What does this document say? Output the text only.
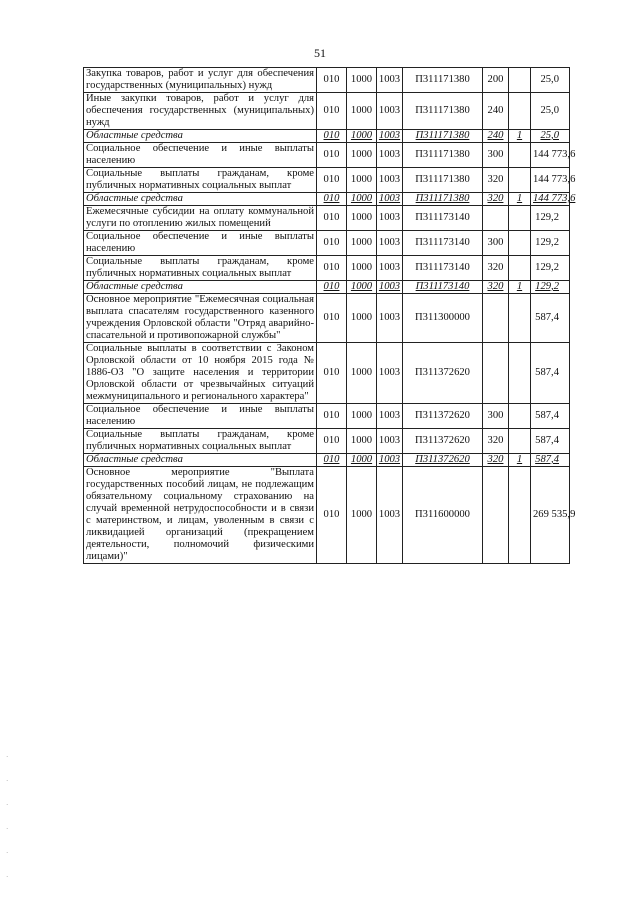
51
Закупка товаров, работ и услуг для обеспечения государственных (муниципальных) нужд	010	1000	1003	П311171380	200		25,0
Иные закупки товаров, работ и услуг для обеспечения государственных (муниципальных) нужд	010	1000	1003	П311171380	240		25,0
Областные средства	010	1000	1003	П311171380	240	1	25,0
Социальное обеспечение и иные выплаты населению	010	1000	1003	П311171380	300		144 773,6
Социальные выплаты гражданам, кроме публичных нормативных социальных выплат	010	1000	1003	П311171380	320		144 773,6
Областные средства	010	1000	1003	П311171380	320	1	144 773,6
Ежемесячные субсидии на оплату коммунальной услуги по отоплению жилых помещений	010	1000	1003	П311173140			129,2
Социальное обеспечение и иные выплаты населению	010	1000	1003	П311173140	300		129,2
Социальные выплаты гражданам, кроме публичных нормативных социальных выплат	010	1000	1003	П311173140	320		129,2
Областные средства	010	1000	1003	П311173140	320	1	129,2
Основное мероприятие "Ежемесячная социальная выплата спасателям государственного казенного учреждения Орловской области "Отряд аварийно-спасательной и противопожарной службы"	010	1000	1003	П311300000			587,4
Социальные выплаты в соответствии с Законом Орловской области от 10 ноября 2015 года № 1886-ОЗ "О защите населения и территории Орловской области от чрезвычайных ситуаций межмуниципального и регионального характера"	010	1000	1003	П311372620			587,4
Социальное обеспечение и иные выплаты населению	010	1000	1003	П311372620	300		587,4
Социальные выплаты гражданам, кроме публичных нормативных социальных выплат	010	1000	1003	П311372620	320		587,4
Областные средства	010	1000	1003	П311372620	320	1	587,4
Основное мероприятие "Выплата государственных пособий лицам, не подлежащим обязательному социальному страхованию на случай временной нетрудоспособности и в связи с материнством, и лицам, уволенным в связи с ликвидацией организаций (прекращением деятельности, полномочий физическими лицами)"	010	1000	1003	П311600000			269 535,9
·
·
·
·
·
·
